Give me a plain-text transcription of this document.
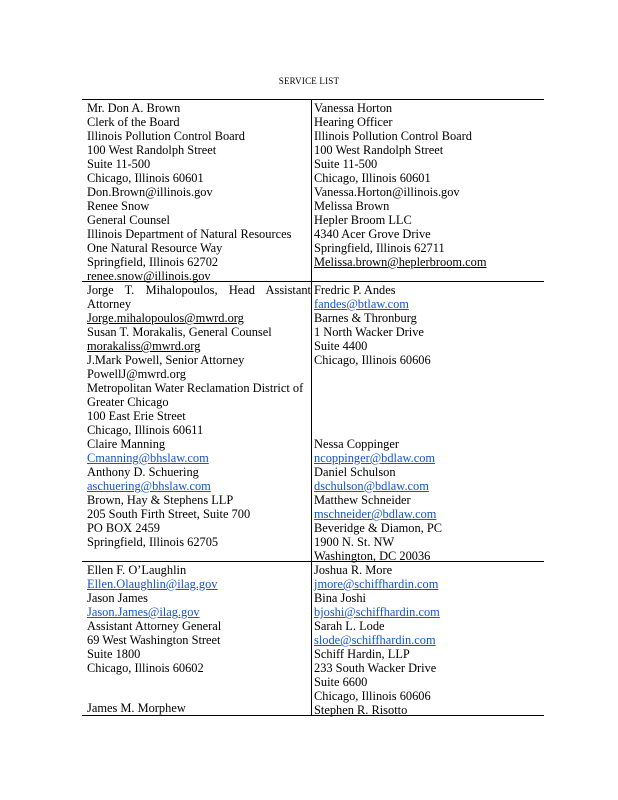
SERVICE LIST
Mr. Don A. Brown
Clerk of the Board
Illinois Pollution Control Board
100 West Randolph Street
Suite 11-500
Chicago, Illinois 60601
Don.Brown@illinois.gov
Renee Snow
General Counsel
Illinois Department of Natural Resources
One Natural Resource Way
Springfield, Illinois 62702
renee.snow@illinois.gov
Vanessa Horton
Hearing Officer
Illinois Pollution Control Board
100 West Randolph Street
Suite 11-500
Chicago, Illinois 60601
Vanessa.Horton@illinois.gov
Melissa Brown
Hepler Broom LLC
4340 Acer Grove Drive
Springfield, Illinois 62711
Melissa.brown@heplerbroom.com
Jorge T. Mihalopoulos, Head Assistant
Attorney
Jorge.mihalopoulos@mwrd.org
Susan T. Morakalis, General Counsel
morakaliss@mwrd.org
J.Mark Powell, Senior Attorney
PowellJ@mwrd.org
Metropolitan Water Reclamation District of
Greater Chicago
100 East Erie Street
Chicago, Illinois 60611
Claire Manning
Cmanning@bhslaw.com
Anthony D. Schuering
aschuering@bhslaw.com
Brown, Hay & Stephens LLP
205 South Firth Street, Suite 700
PO BOX 2459
Springfield, Illinois 62705
Fredric P. Andes
fandes@btlaw.com
Barnes & Thronburg
1 North Wacker Drive
Suite 4400
Chicago, Illinois 60606
Nessa Coppinger
ncoppinger@bdlaw.com
Daniel Schulson
dschulson@bdlaw.com
Matthew Schneider
mschneider@bdlaw.com
Beveridge & Diamon, PC
1900 N. St. NW
Washington, DC 20036
Ellen F. O’Laughlin
Ellen.Olaughlin@ilag.gov
Jason James
Jason.James@ilag.gov
Assistant Attorney General
69 West Washington Street
Suite 1800
Chicago, Illinois 60602
James M. Morphew
Joshua R. More
jmore@schiffhardin.com
Bina Joshi
bjoshi@schiffhardin.com
Sarah L. Lode
slode@schiffhardin.com
Schiff Hardin, LLP
233 South Wacker Drive
Suite 6600
Chicago, Illinois 60606
Stephen R. Risotto
